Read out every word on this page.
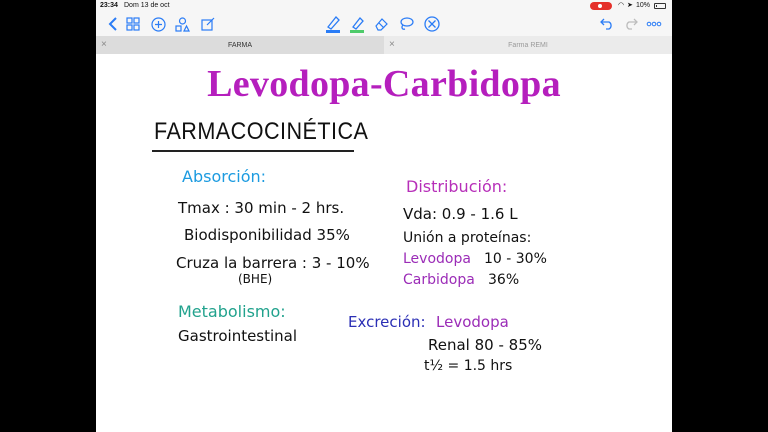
23:34 Dom 13 de oct	◠ ➤ 10%
×	FARMA	×	Farma REMI
Levodopa-Carbidopa
FARMACOCINÉTICA
Absorción:
Tmax : 30 min - 2 hrs.
Biodisponibilidad 35%
Cruza la barrera : 3 - 10%
(BHE)
Distribución:
Vda: 0.9 - 1.6 L
Unión a proteínas:
Levodopa 10 - 30%
Carbidopa 36%
Metabolismo:
Gastrointestinal
Excreción: Levodopa
Renal 80 - 85%
t½ = 1.5 hrs
